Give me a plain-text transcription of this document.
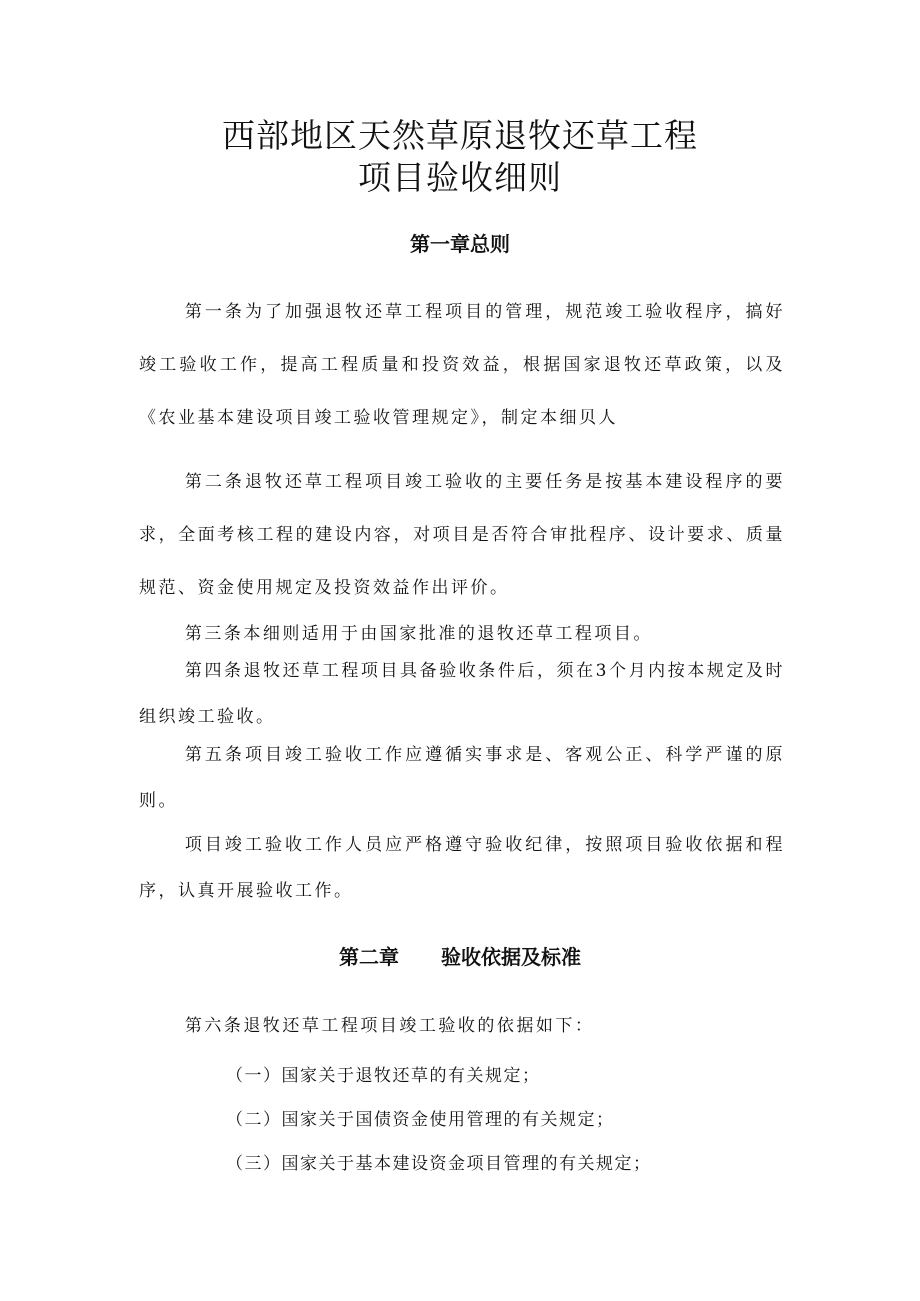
西部地区天然草原退牧还草工程
项目验收细则
第一章总则
第一条为了加强退牧还草工程项目的管理，规范竣工验收程序，搞好竣工验收工作，提高工程质量和投资效益，根据国家退牧还草政策，以及《农业基本建设项目竣工验收管理规定》，制定本细贝人
第二条退牧还草工程项目竣工验收的主要任务是按基本建设程序的要求，全面考核工程的建设内容，对项目是否符合审批程序、设计要求、质量规范、资金使用规定及投资效益作出评价。
第三条本细则适用于由国家批准的退牧还草工程项目。
第四条退牧还草工程项目具备验收条件后，须在3个月内按本规定及时组织竣工验收。
第五条项目竣工验收工作应遵循实事求是、客观公正、科学严谨的原则。
项目竣工验收工作人员应严格遵守验收纪律，按照项目验收依据和程序，认真开展验收工作。
第二章 验收依据及标准
第六条退牧还草工程项目竣工验收的依据如下：
（一）国家关于退牧还草的有关规定；
（二）国家关于国债资金使用管理的有关规定；
（三）国家关于基本建设资金项目管理的有关规定；
